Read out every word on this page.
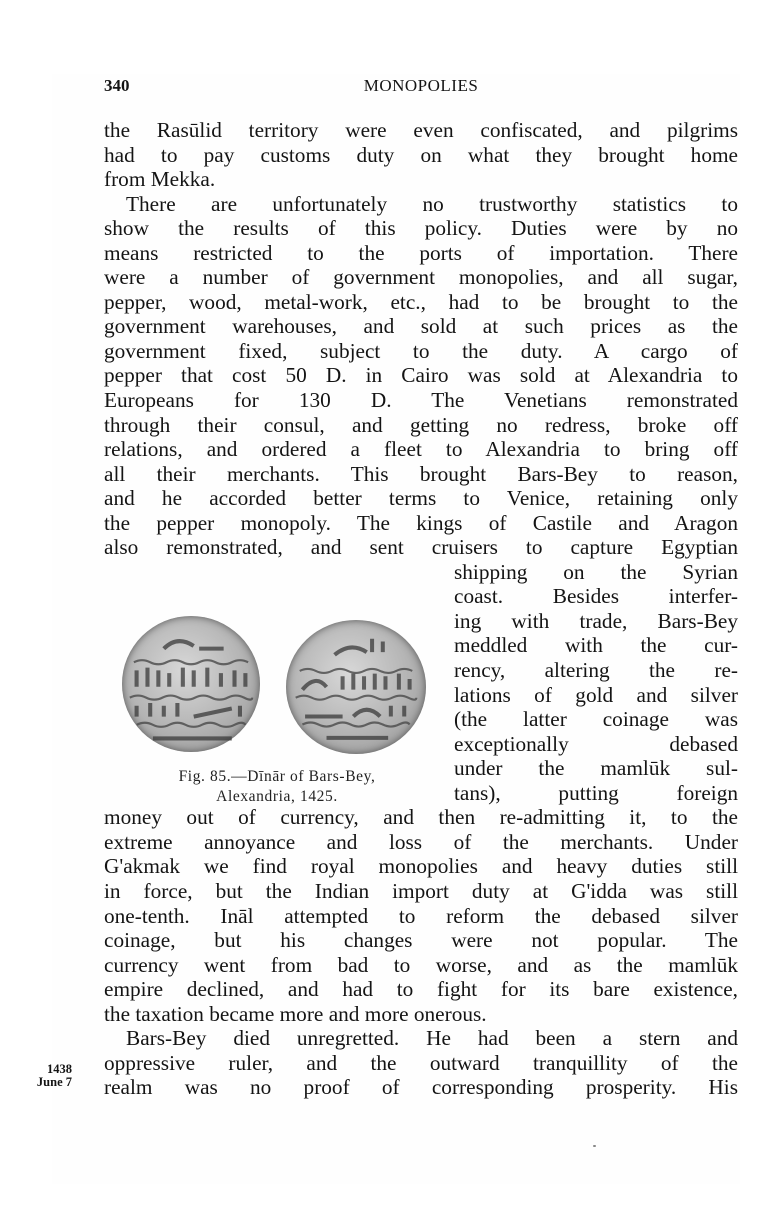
340	MONOPOLIES
the Rasūlid territory were even confiscated, and pilgrims
had to pay customs duty on what they brought home
from Mekka.
There are unfortunately no trustworthy statistics to
show the results of this policy. Duties were by no
means restricted to the ports of importation. There
were a number of government monopolies, and all sugar,
pepper, wood, metal-work, etc., had to be brought to the
government warehouses, and sold at such prices as the
government fixed, subject to the duty. A cargo of
pepper that cost 50 D. in Cairo was sold at Alexandria to
Europeans for 130 D. The Venetians remonstrated
through their consul, and getting no redress, broke off
relations, and ordered a fleet to Alexandria to bring off
all their merchants. This brought Bars-Bey to reason,
and he accorded better terms to Venice, retaining only
the pepper monopoly. The kings of Castile and Aragon
also remonstrated, and sent cruisers to capture Egyptian
shipping on the Syrian
coast. Besides interfer-
ing with trade, Bars-Bey
meddled with the cur-
rency, altering the re-
lations of gold and silver
(the latter coinage was
exceptionally debased
under the mamlūk sul-
tans), putting foreign
money out of currency, and then re-admitting it, to the
extreme annoyance and loss of the merchants. Under
G'akmak we find royal monopolies and heavy duties still
in force, but the Indian import duty at G'idda was still
one-tenth. Ināl attempted to reform the debased silver
coinage, but his changes were not popular. The
currency went from bad to worse, and as the mamlūk
empire declined, and had to fight for its bare existence,
the taxation became more and more onerous.
Bars-Bey died unregretted. He had been a stern and
oppressive ruler, and the outward tranquillity of the
realm was no proof of corresponding prosperity. His
Fig. 85.—Dīnār of Bars-Bey,
Alexandria, 1425.
1438
June 7
